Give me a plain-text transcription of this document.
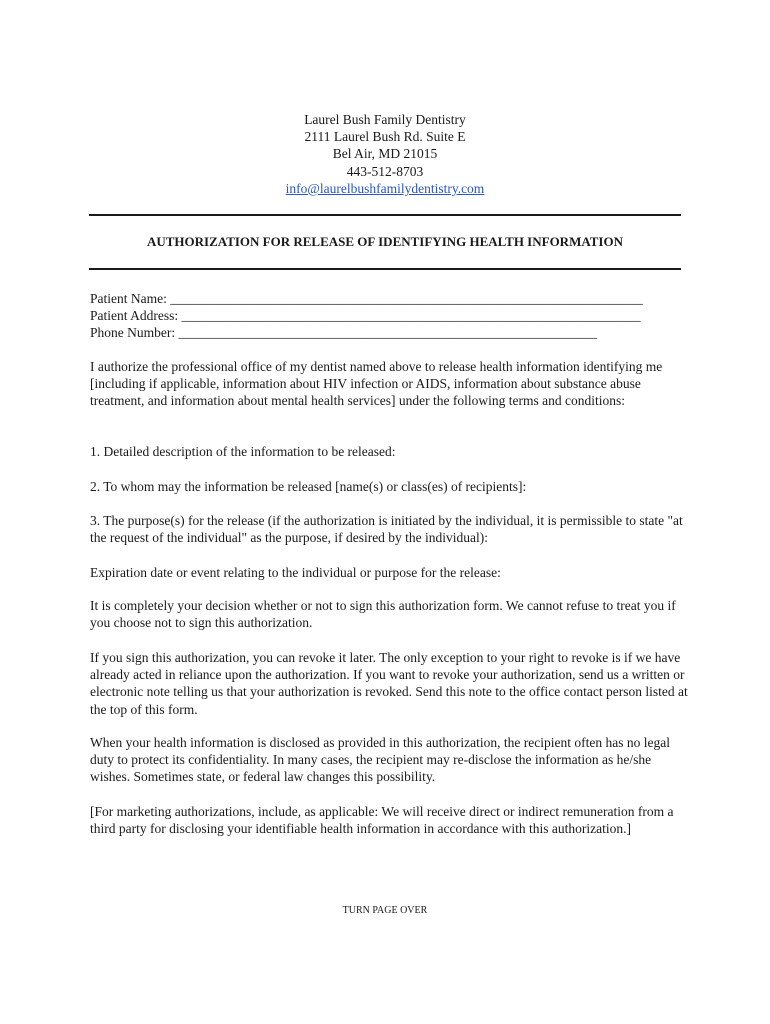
Laurel Bush Family Dentistry
2111 Laurel Bush Rd. Suite E
Bel Air, MD 21015
443-512-8703
info@laurelbushfamilydentistry.com
AUTHORIZATION FOR RELEASE OF IDENTIFYING HEALTH INFORMATION
Patient Name: ______________________________________________________________________
Patient Address: ____________________________________________________________________
Phone Number: ______________________________________________________________

I authorize the professional office of my dentist named above to release health information identifying me [including if applicable, information about HIV infection or AIDS, information about substance abuse treatment, and information about mental health services] under the following terms and conditions:

1. Detailed description of the information to be released:

2. To whom may the information be released [name(s) or class(es) of recipients]:

3. The purpose(s) for the release (if the authorization is initiated by the individual, it is permissible to state "at the request of the individual" as the purpose, if desired by the individual):

Expiration date or event relating to the individual or purpose for the release:

It is completely your decision whether or not to sign this authorization form. We cannot refuse to treat you if you choose not to sign this authorization.

If you sign this authorization, you can revoke it later. The only exception to your right to revoke is if we have already acted in reliance upon the authorization. If you want to revoke your authorization, send us a written or electronic note telling us that your authorization is revoked. Send this note to the office contact person listed at the top of this form.

When your health information is disclosed as provided in this authorization, the recipient often has no legal duty to protect its confidentiality. In many cases, the recipient may re-disclose the information as he/she wishes. Sometimes state, or federal law changes this possibility.

[For marketing authorizations, include, as applicable: We will receive direct or indirect remuneration from a third party for disclosing your identifiable health information in accordance with this authorization.]

TURN PAGE OVER
